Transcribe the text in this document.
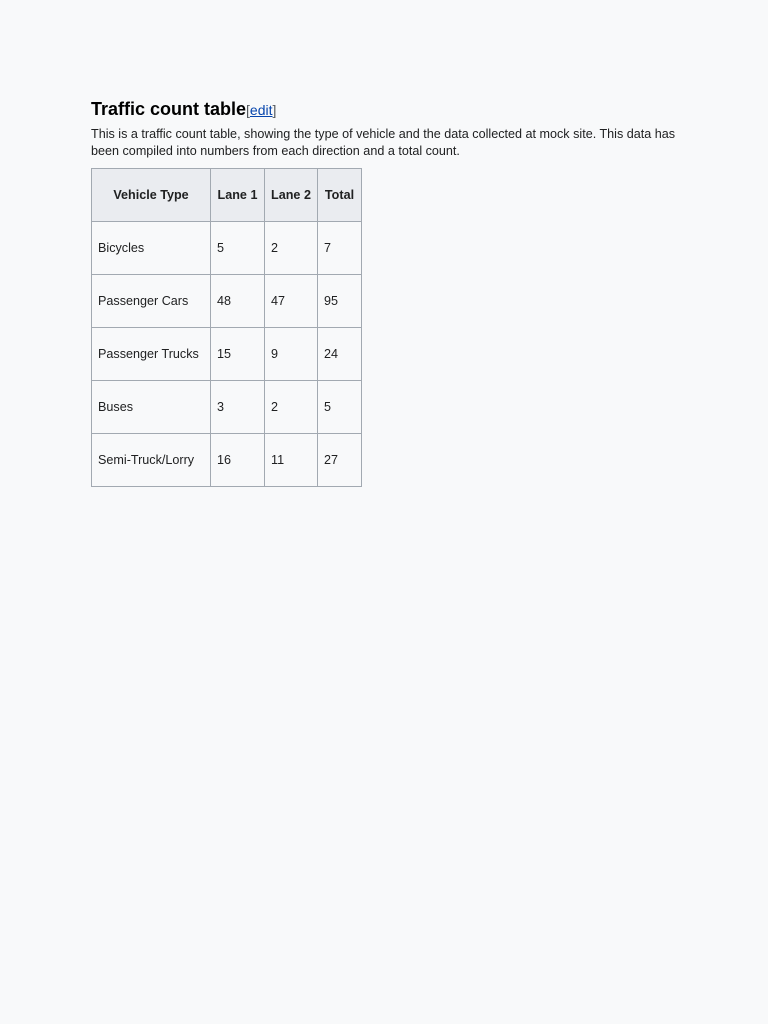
Traffic count table[edit]

This is a traffic count table, showing the type of vehicle and the data collected at mock site. This data has been compiled into numbers from each direction and a total count.

Vehicle Type	Lane 1	Lane 2	Total
Bicycles	5	2	7
Passenger Cars	48	47	95
Passenger Trucks	15	9	24
Buses	3	2	5
Semi-Truck/Lorry	16	11	27
